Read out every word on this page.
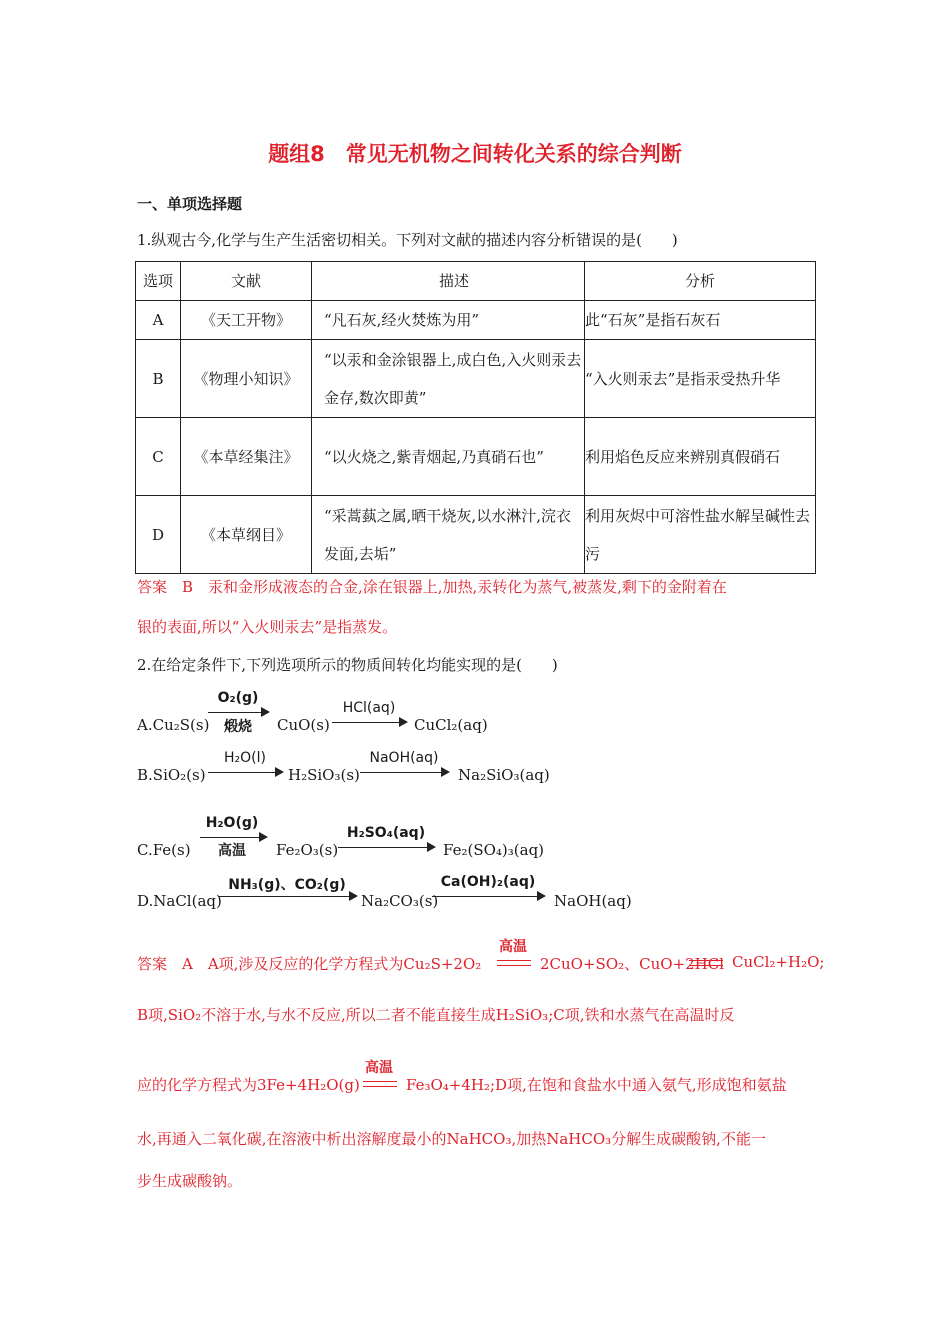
题组8　常见无机物之间转化关系的综合判断
一、单项选择题
1.纵观古今,化学与生产生活密切相关。下列对文献的描述内容分析错误的是(　　)
选项	文献	描述	分析
A	《天工开物》	“凡石灰,经火焚炼为用”	此“石灰”是指石灰石
B	《物理小知识》	“以汞和金涂银器上,成白色,入火则汞去金存,数次即黄”	“入火则汞去”是指汞受热升华
C	《本草经集注》	“以火烧之,紫青烟起,乃真硝石也”	利用焰色反应来辨别真假硝石
D	《本草纲目》	“采蒿蓺之属,晒干烧灰,以水淋汁,浣衣发面,去垢”	利用灰烬中可溶性盐水解呈碱性去污
答案　B　汞和金形成液态的合金,涂在银器上,加热,汞转化为蒸气,被蒸发,剩下的金附着在
银的表面,所以“入火则汞去”是指蒸发。
2.在给定条件下,下列选项所示的物质间转化均能实现的是(　　)
A.Cu₂S(s)
O₂(g)
煅烧	CuO(s)
HCl(aq)
CuCl₂(aq)
B.SiO₂(s)
H₂O(l)
H₂SiO₃(s)
NaOH(aq)
Na₂SiO₃(aq)
C.Fe(s)
H₂O(g)
高温	Fe₂O₃(s)
H₂SO₄(aq)
Fe₂(SO₄)₃(aq)
D.NaCl(aq)
NH₃(g)、CO₂(g)
Na₂CO₃(s)
Ca(OH)₂(aq)
NaOH(aq)
答案　A　A项,涉及反应的化学方程式为Cu₂S+2O₂
高温
2CuO+SO₂、CuO+2HCl CuCl₂+H₂O;
B项,SiO₂不溶于水,与水不反应,所以二者不能直接生成H₂SiO₃;C项,铁和水蒸气在高温时反
应的化学方程式为3Fe+4H₂O(g)
高温
Fe₃O₄+4H₂;D项,在饱和食盐水中通入氨气,形成饱和氨盐
水,再通入二氧化碳,在溶液中析出溶解度最小的NaHCO₃,加热NaHCO₃分解生成碳酸钠,不能一
步生成碳酸钠。
